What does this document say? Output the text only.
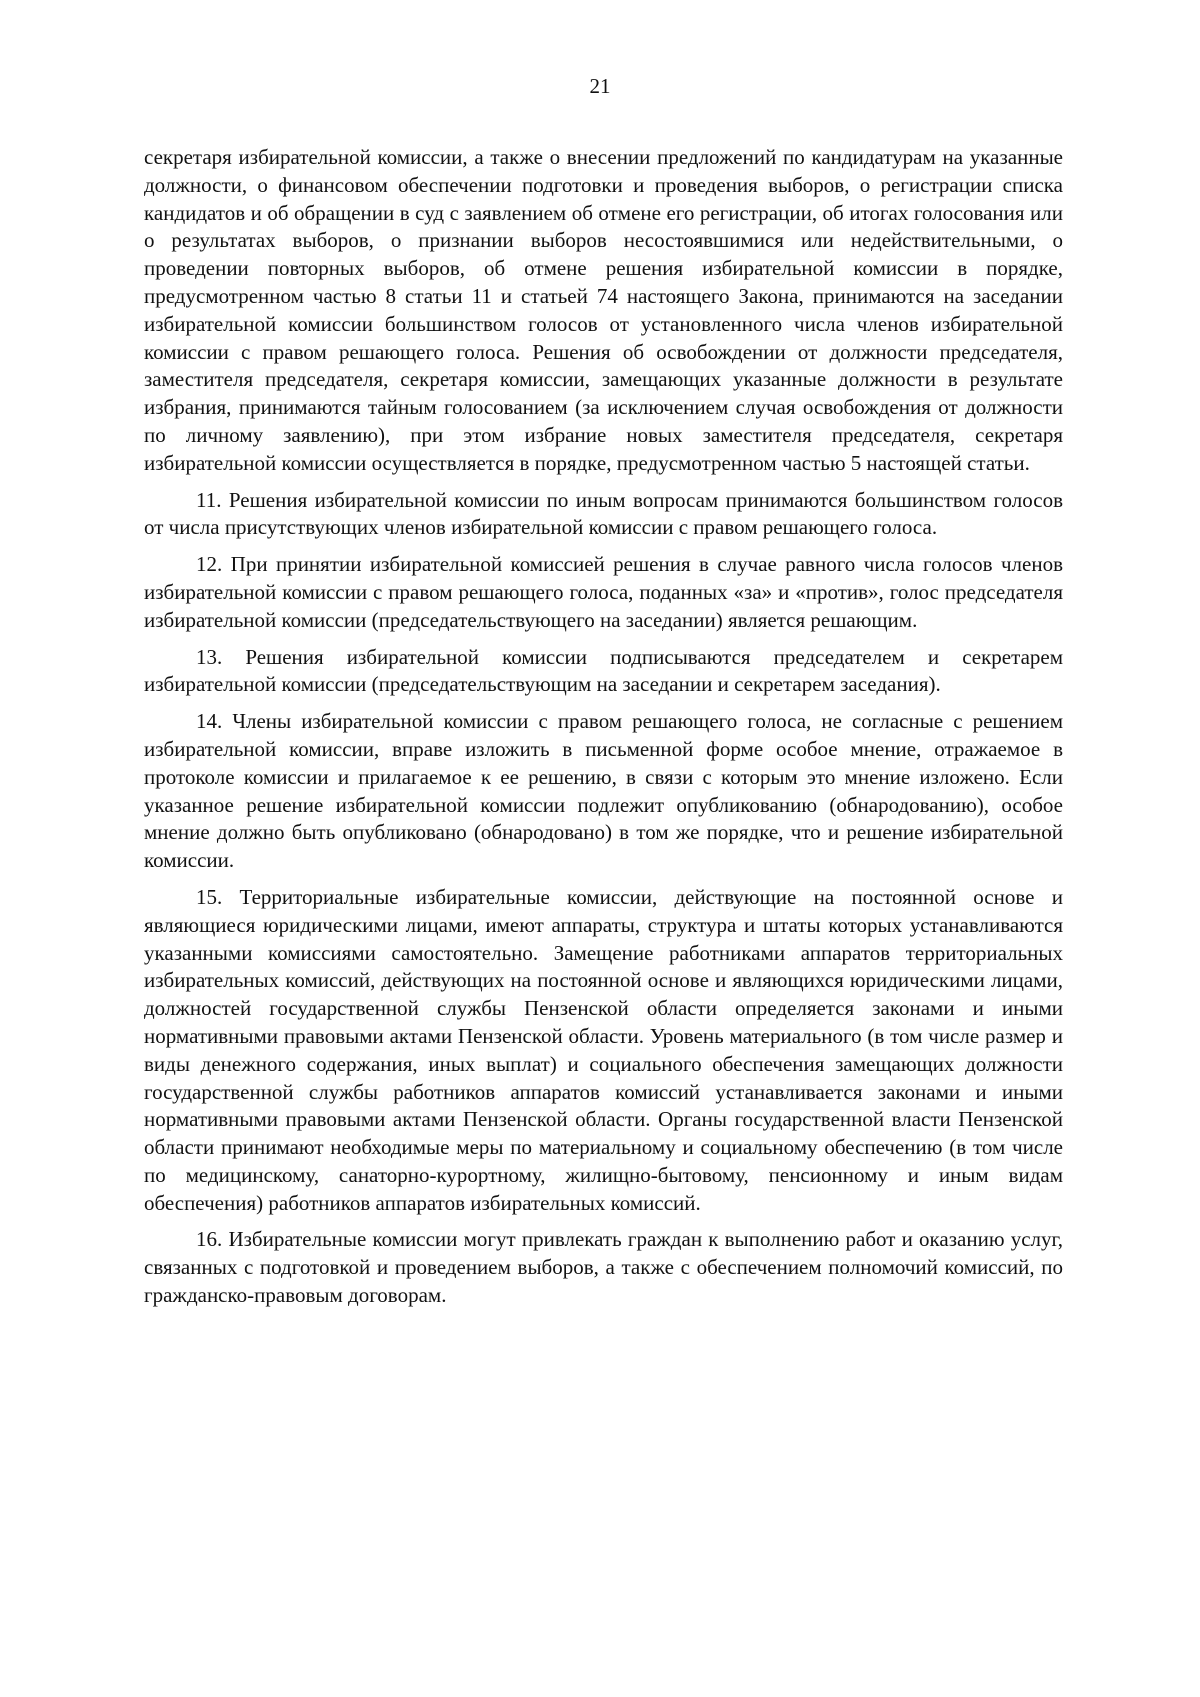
21

секретаря избирательной комиссии, а также о внесении предложений по кандидатурам на указанные должности, о финансовом обеспечении подготовки и проведения выборов, о регистрации списка кандидатов и об обращении в суд с заявлением об отмене его регистрации, об итогах голосования или о результатах выборов, о признании выборов несостоявшимися или недействительными, о проведении повторных выборов, об отмене решения избирательной комиссии в порядке, предусмотренном частью 8 статьи 11 и статьей 74 настоящего Закона, принимаются на заседании избирательной комиссии большинством голосов от установленного числа членов избирательной комиссии с правом решающего голоса. Решения об освобождении от должности председателя, заместителя председателя, секретаря комиссии, замещающих указанные должности в результате избрания, принимаются тайным голосованием (за исключением случая освобождения от должности по личному заявлению), при этом избрание новых заместителя председателя, секретаря избирательной комиссии осуществляется в порядке, предусмотренном частью 5 настоящей статьи.

11. Решения избирательной комиссии по иным вопросам принимаются большинством голосов от числа присутствующих членов избирательной комиссии с правом решающего голоса.

12. При принятии избирательной комиссией решения в случае равного числа голосов членов избирательной комиссии с правом решающего голоса, поданных «за» и «против», голос председателя избирательной комиссии (председательствующего на заседании) является решающим.

13. Решения избирательной комиссии подписываются председателем и секретарем избирательной комиссии (председательствующим на заседании и секретарем заседания).

14. Члены избирательной комиссии с правом решающего голоса, не согласные с решением избирательной комиссии, вправе изложить в письменной форме особое мнение, отражаемое в протоколе комиссии и прилагаемое к ее решению, в связи с которым это мнение изложено. Если указанное решение избирательной комиссии подлежит опубликованию (обнародованию), особое мнение должно быть опубликовано (обнародовано) в том же порядке, что и решение избирательной комиссии.

15. Территориальные избирательные комиссии, действующие на постоянной основе и являющиеся юридическими лицами, имеют аппараты, структура и штаты которых устанавливаются указанными комиссиями самостоятельно. Замещение работниками аппаратов территориальных избирательных комиссий, действующих на постоянной основе и являющихся юридическими лицами, должностей государственной службы Пензенской области определяется законами и иными нормативными правовыми актами Пензенской области. Уровень материального (в том числе размер и виды денежного содержания, иных выплат) и социального обеспечения замещающих должности государственной службы работников аппаратов комиссий устанавливается законами и иными нормативными правовыми актами Пензенской области. Органы государственной власти Пензенской области принимают необходимые меры по материальному и социальному обеспечению (в том числе по медицинскому, санаторно-курортному, жилищно-бытовому, пенсионному и иным видам обеспечения) работников аппаратов избирательных комиссий.

16. Избирательные комиссии могут привлекать граждан к выполнению работ и оказанию услуг, связанных с подготовкой и проведением выборов, а также с обеспечением полномочий комиссий, по гражданско-правовым договорам.
